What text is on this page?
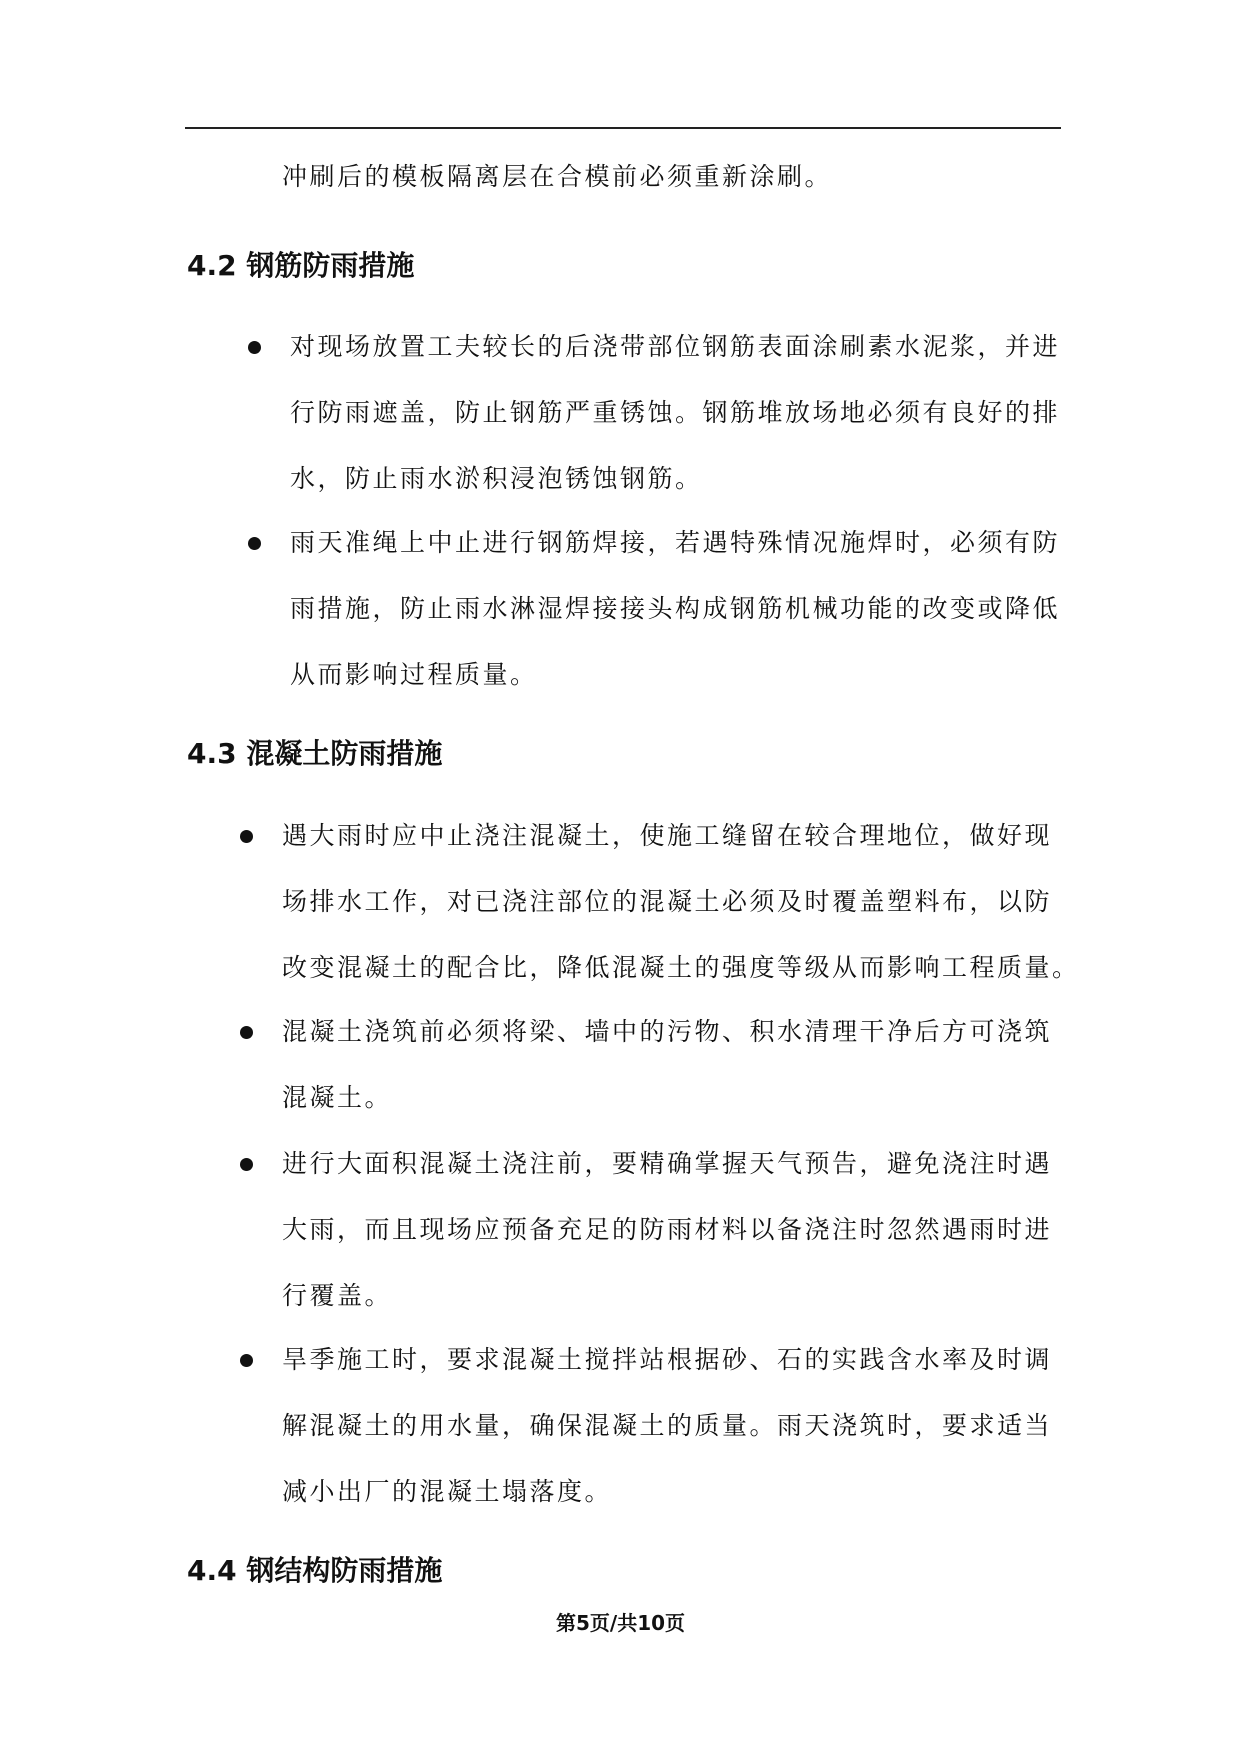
冲刷后的模板隔离层在合模前必须重新涂刷。
4.2 钢筋防雨措施
对现场放置工夫较长的后浇带部位钢筋表面涂刷素水泥浆，并进
行防雨遮盖，防止钢筋严重锈蚀。钢筋堆放场地必须有良好的排
水，防止雨水淤积浸泡锈蚀钢筋。
雨天准绳上中止进行钢筋焊接，若遇特殊情况施焊时，必须有防
雨措施，防止雨水淋湿焊接接头构成钢筋机械功能的改变或降低
从而影响过程质量。
4.3 混凝土防雨措施
遇大雨时应中止浇注混凝土，使施工缝留在较合理地位，做好现
场排水工作，对已浇注部位的混凝土必须及时覆盖塑料布，以防
改变混凝土的配合比，降低混凝土的强度等级从而影响工程质量。
混凝土浇筑前必须将梁、墙中的污物、积水清理干净后方可浇筑
混凝土。
进行大面积混凝土浇注前，要精确掌握天气预告，避免浇注时遇
大雨，而且现场应预备充足的防雨材料以备浇注时忽然遇雨时进
行覆盖。
旱季施工时，要求混凝土搅拌站根据砂、石的实践含水率及时调
解混凝土的用水量，确保混凝土的质量。雨天浇筑时，要求适当
减小出厂的混凝土塌落度。
4.4 钢结构防雨措施
第5页/共10页
